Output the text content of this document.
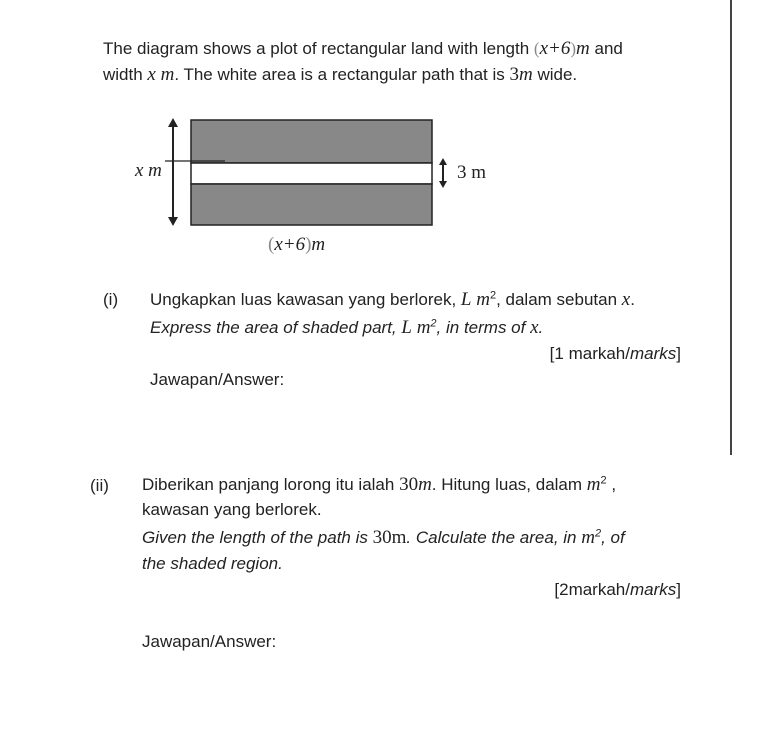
The diagram shows a plot of rectangular land with length (x+6)m and
width x m. The white area is a rectangular path that is 3m wide.
3 m
(x+6)m
x m
(i) Ungkapkan luas kawasan yang berlorek, L $m^2$, dalam sebutan x.
Express the area of shaded part, L $m^2$, in terms of x.
[1 markah/marks]
Jawapan/Answer:
(ii) Diberikan panjang lorong itu ialah 30m. Hitung luas, dalam $m^2$ ,
kawasan yang berlorek.
Given the length of the path is 30m. Calculate the area, in $m^2$, of
the shaded region.
[2markah/marks]
Jawapan/Answer:
